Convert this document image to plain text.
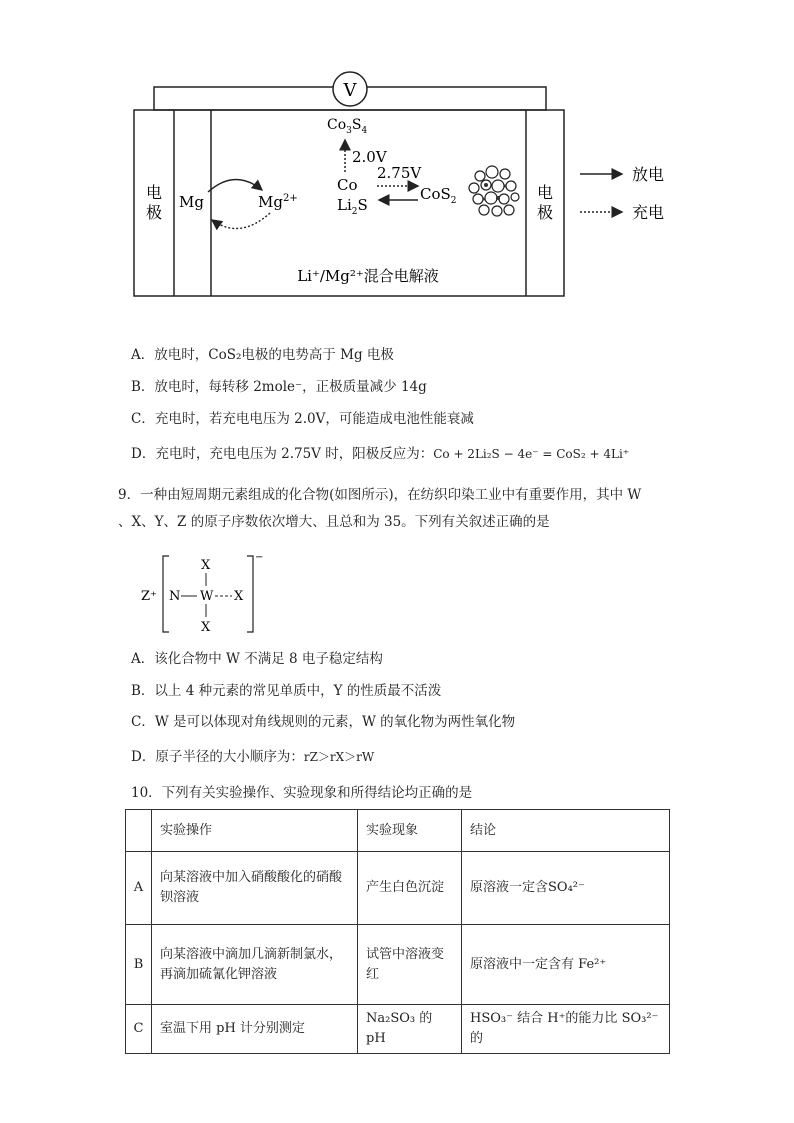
V
电
极
电
极
Mg	$Mg^{2+}$
$Co_3S_4$
2.0V
Co
$Li_2S$
2.75V
CoS$_2$
Li⁺/Mg²⁺混合电解液
放电
充电
A．放电时，CoS₂电极的电势高于 Mg 电极
B．放电时，每转移 2mole⁻，正极质量减少 14g
C．充电时，若充电电压为 2.0V，可能造成电池性能衰减
D．充电时，充电电压为 2.75V 时，阳极反应为：Co + 2Li₂S − 4e⁻ = CoS₂ + 4Li⁺
9．一种由短周期元素组成的化合物(如图所示)，在纺织印染工业中有重要作用，其中 W
、X、Y、Z 的原子序数依次增大、且总和为 35。下列有关叙述正确的是
Z⁺
−
X
N W X
X
A．该化合物中 W 不满足 8 电子稳定结构
B．以上 4 种元素的常见单质中，Y 的性质最不活泼
C．W 是可以体现对角线规则的元素，W 的氧化物为两性氧化物
D．原子半径的大小顺序为：rZ＞rX＞rW
10．下列有关实验操作、实验现象和所得结论均正确的是
	实验操作	实验现象	结论
A	向某溶液中加入硝酸酸化的硝酸钡溶液	产生白色沉淀	原溶液一定含SO₄²⁻
B	向某溶液中滴加几滴新制氯水，再滴加硫氰化钾溶液	试管中溶液变红	原溶液中一定含有 Fe²⁺
C	室温下用 pH 计分别测定	Na₂SO₃ 的 pH	HSO₃⁻ 结合 H⁺的能力比 SO₃²⁻ 的
